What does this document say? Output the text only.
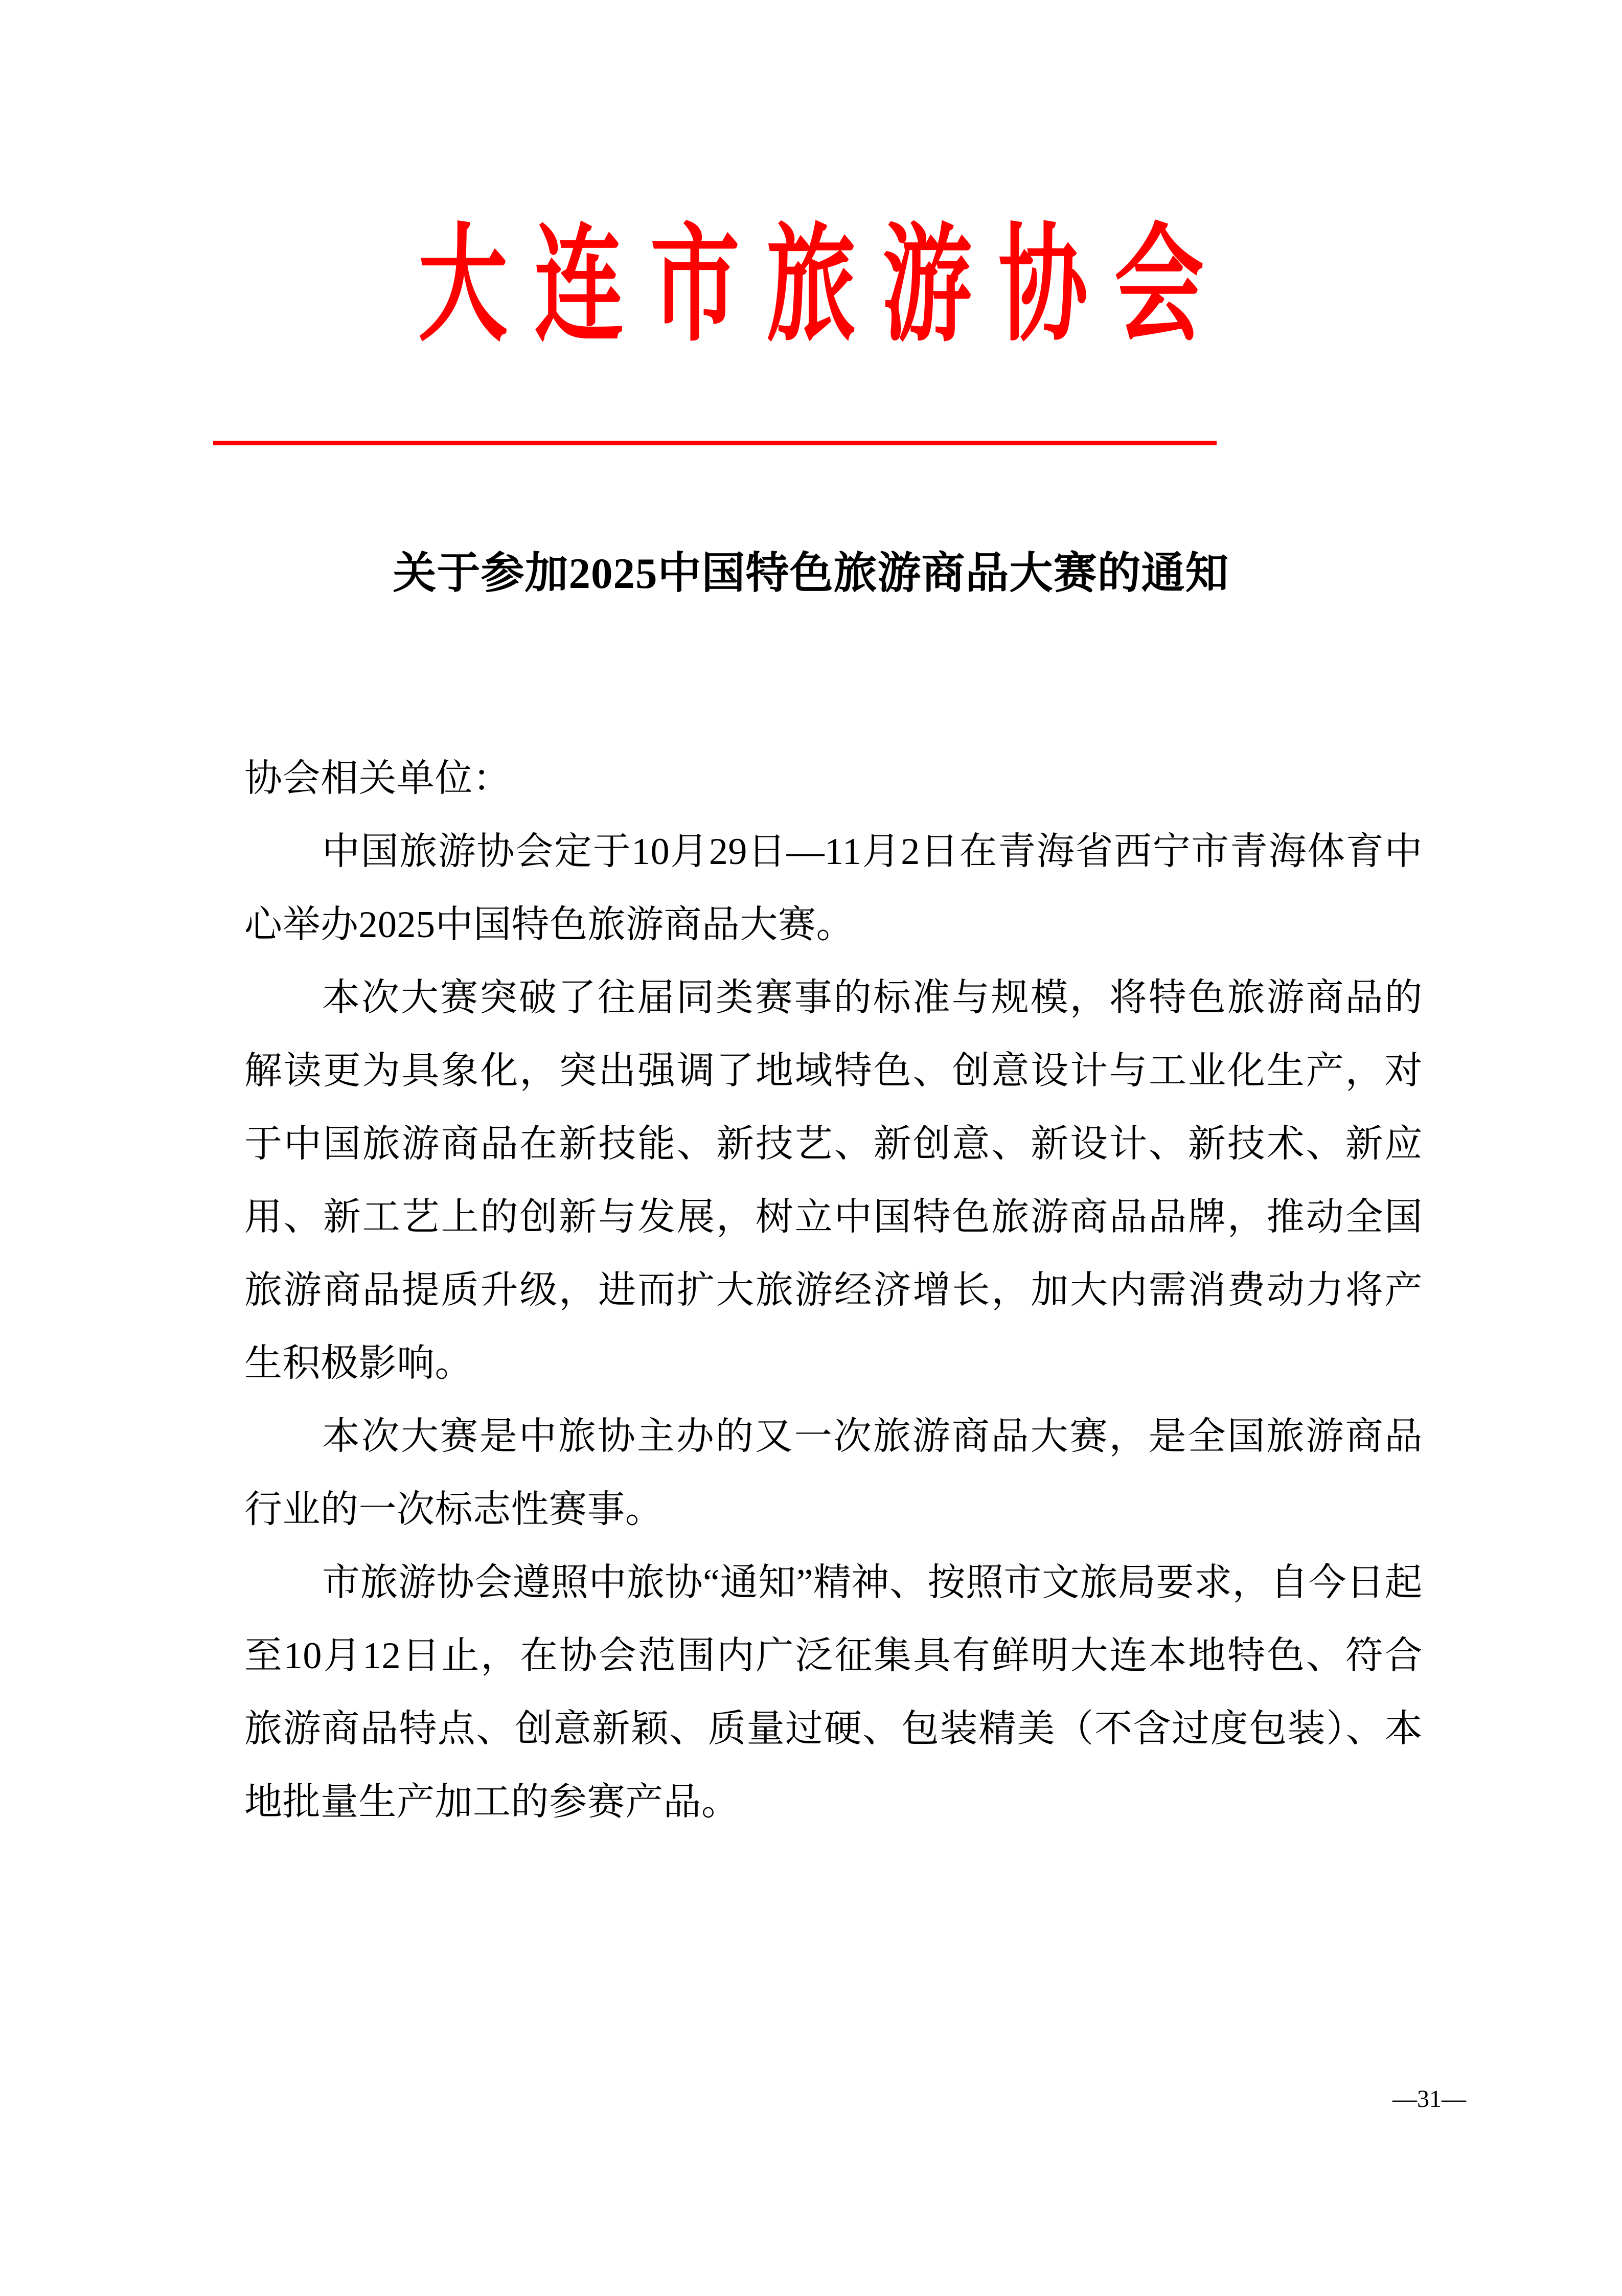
大连市旅游协会
关于参加2025中国特色旅游商品大赛的通知

协会相关单位：

中国旅游协会定于10月29日—11月2日在青海省西宁市青海体育中心举办2025中国特色旅游商品大赛。

本次大赛突破了往届同类赛事的标准与规模，将特色旅游商品的解读更为具象化，突出强调了地域特色、创意设计与工业化生产，对于中国旅游商品在新技能、新技艺、新创意、新设计、新技术、新应用、新工艺上的创新与发展，树立中国特色旅游商品品牌，推动全国旅游商品提质升级，进而扩大旅游经济增长，加大内需消费动力将产生积极影响。

本次大赛是中旅协主办的又一次旅游商品大赛，是全国旅游商品行业的一次标志性赛事。

市旅游协会遵照中旅协“通知”精神、按照市文旅局要求，自今日起至10月12日止，在协会范围内广泛征集具有鲜明大连本地特色、符合旅游商品特点、创意新颖、质量过硬、包装精美（不含过度包装）、本地批量生产加工的参赛产品。

—31—
